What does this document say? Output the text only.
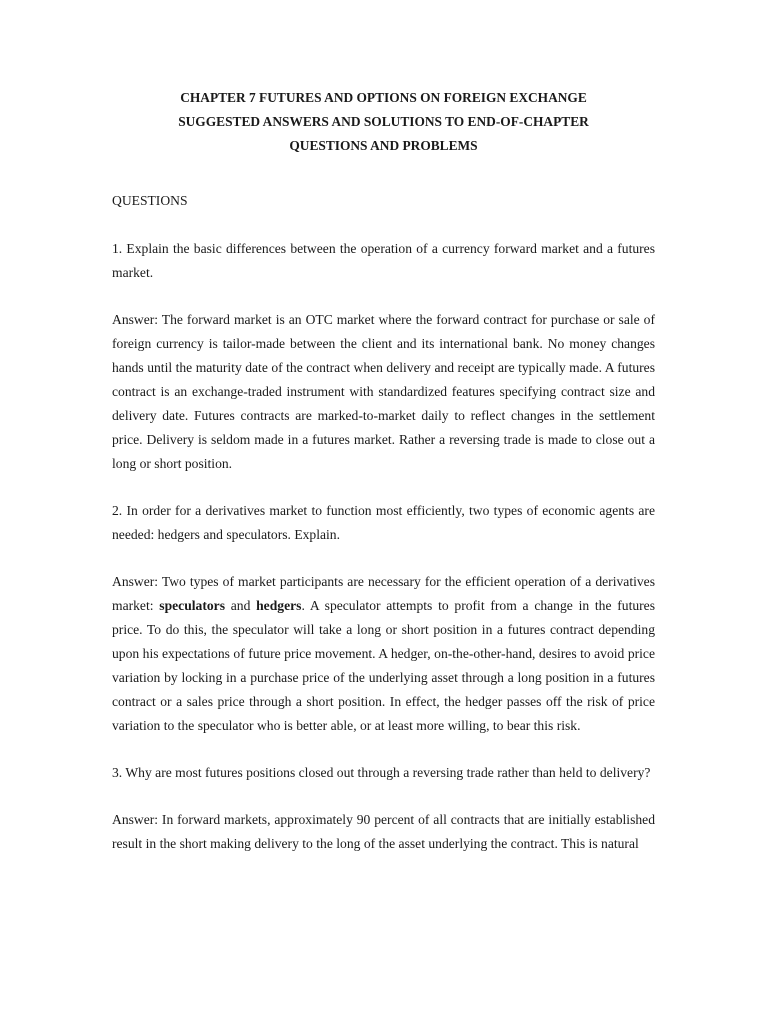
CHAPTER 7 FUTURES AND OPTIONS ON FOREIGN EXCHANGE

SUGGESTED ANSWERS AND SOLUTIONS TO END-OF-CHAPTER

QUESTIONS AND PROBLEMS

QUESTIONS

1. Explain the basic differences between the operation of a currency forward market and a futures market.

Answer: The forward market is an OTC market where the forward contract for purchase or sale of foreign currency is tailor-made between the client and its international bank. No money changes hands until the maturity date of the contract when delivery and receipt are typically made. A futures contract is an exchange-traded instrument with standardized features specifying contract size and delivery date. Futures contracts are marked-to-market daily to reflect changes in the settlement price. Delivery is seldom made in a futures market. Rather a reversing trade is made to close out a long or short position.

2. In order for a derivatives market to function most efficiently, two types of economic agents are needed: hedgers and speculators. Explain.

Answer: Two types of market participants are necessary for the efficient operation of a derivatives market: speculators and hedgers. A speculator attempts to profit from a change in the futures price. To do this, the speculator will take a long or short position in a futures contract depending upon his expectations of future price movement. A hedger, on-the-other-hand, desires to avoid price variation by locking in a purchase price of the underlying asset through a long position in a futures contract or a sales price through a short position. In effect, the hedger passes off the risk of price variation to the speculator who is better able, or at least more willing, to bear this risk.

3. Why are most futures positions closed out through a reversing trade rather than held to delivery?

Answer: In forward markets, approximately 90 percent of all contracts that are initially established result in the short making delivery to the long of the asset underlying the contract. This is natural
